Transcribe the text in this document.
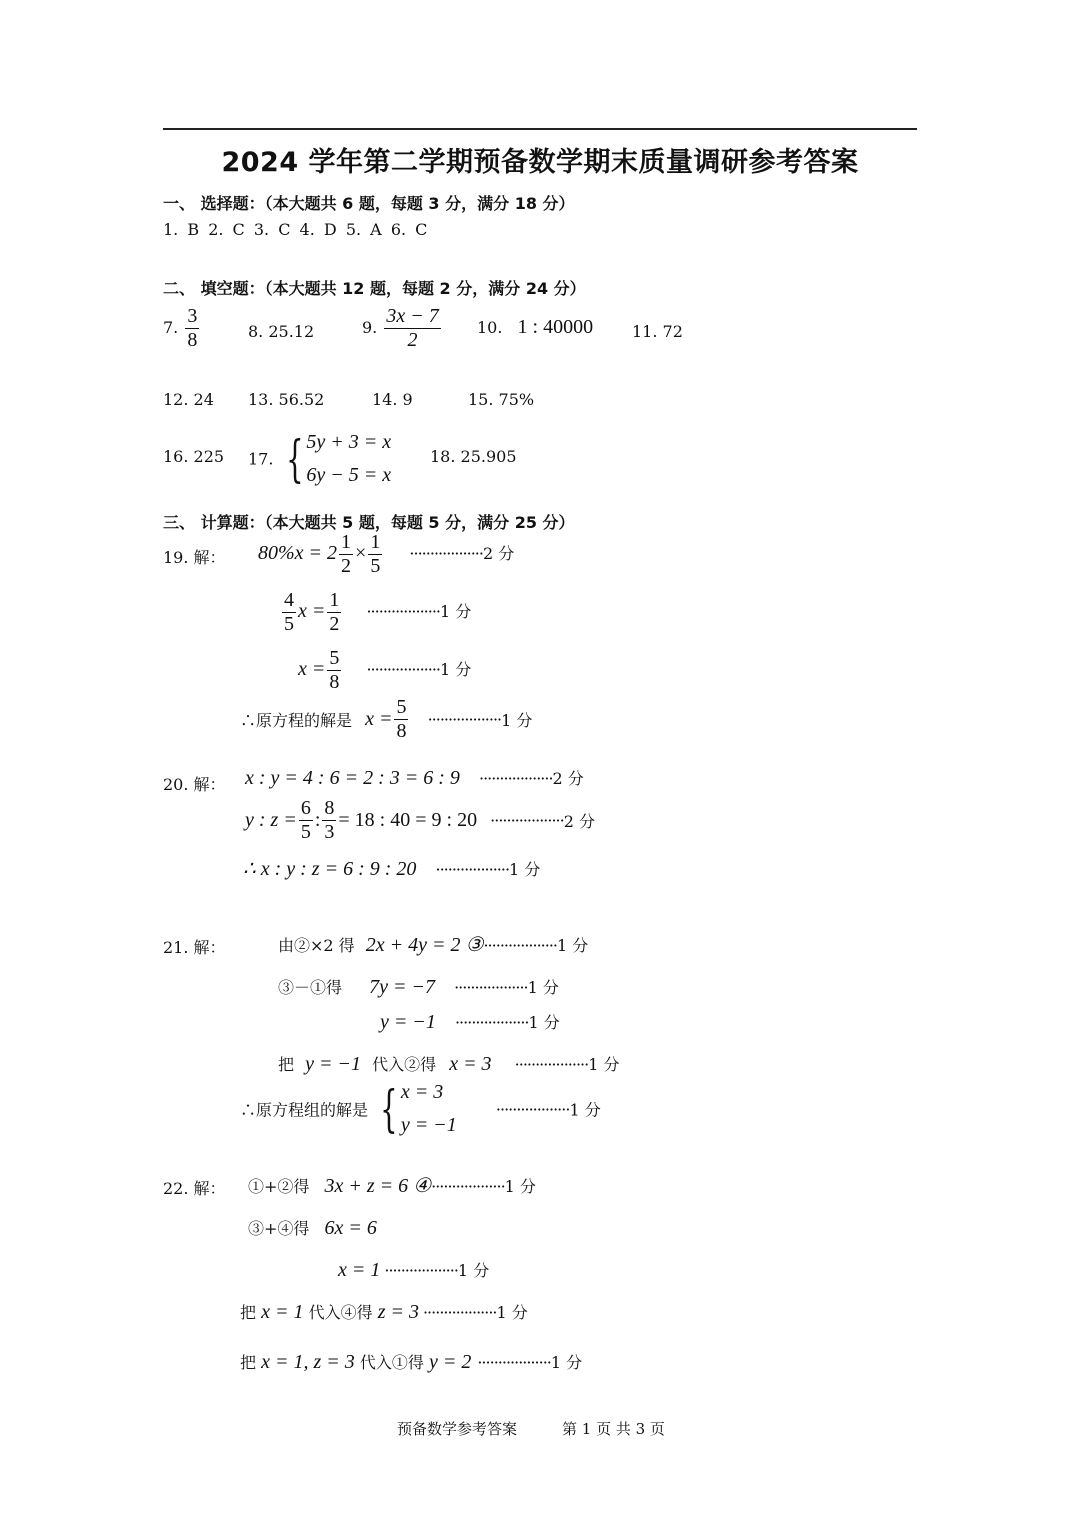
2024 学年第二学期预备数学期末质量调研参考答案
一、 选择题：（本大题共 6 题，每题 3 分，满分 18 分）
1. B 2. C 3. C 4. D 5. A 6. C
二、 填空题：（本大题共 12 题，每题 2 分，满分 24 分）
7. $\frac{3}{8}$	8. 25.12	9. $\frac{3x - 7}{2} 10$. 1 : 40000 11. 72
12. 24 13. 56.52	14. 9	15. 75%
16. 225 17. { 5y + 3 = x
6y − 5 = x
18. 25.905
三、 计算题：（本大题共 5 题，每题 5 分，满分 25 分）
19. 解： $80\%x = 2 \frac{1}{2} \times \frac{1}{5} \cdot\cdot\cdot\cdot\cdot\cdot\cdot\cdot\cdot\cdot\cdot\cdot\cdot\cdot\cdot\cdot\cdot\cdot 2$ 分
$\frac{4}{5}$ $x = \frac{1}{2} \cdot\cdot\cdot\cdot\cdot\cdot\cdot\cdot\cdot\cdot\cdot\cdot\cdot\cdot\cdot\cdot\cdot\cdot 1$ 分
$x = \frac{5}{8} \cdot\cdot\cdot\cdot\cdot\cdot\cdot\cdot\cdot\cdot\cdot\cdot\cdot\cdot\cdot\cdot\cdot\cdot 1$ 分
∴原方程的解是 $x = \frac{5}{8} \cdot\cdot\cdot\cdot\cdot\cdot\cdot\cdot\cdot\cdot\cdot\cdot\cdot\cdot\cdot\cdot\cdot\cdot 1$ 分
20. 解： x : y = 4 : 6 = 2 : 3 = 6 : 9 ··················2 分
y : $z = \frac{6}{5}$ : $\frac{8}{3} = 18$ : 40 = 9 : 20 ··················2 分
∴ x : y : z = 6 : 9 : 20 ··················1 分
21. 解：	由②×2 得 2x + 4y = 2 ③··················1 分
③－①得 7y = −7 ··················1 分
y = −1 ··················1 分
把 y = −1 代入②得 x = 3 ··················1 分
∴原方程组的解是 { x = 3
y = −1
··················1 分
22. 解： ①+②得 3x + z = 6 ④··················1 分
③+④得 6x = 6
x = 1 ··················1 分
把 x = 1 代入④得 z = 3 ··················1 分
把 x = 1, z = 3 代入①得 y = 2 ··················1 分
预备数学参考答案	第 1 页 共 3 页
